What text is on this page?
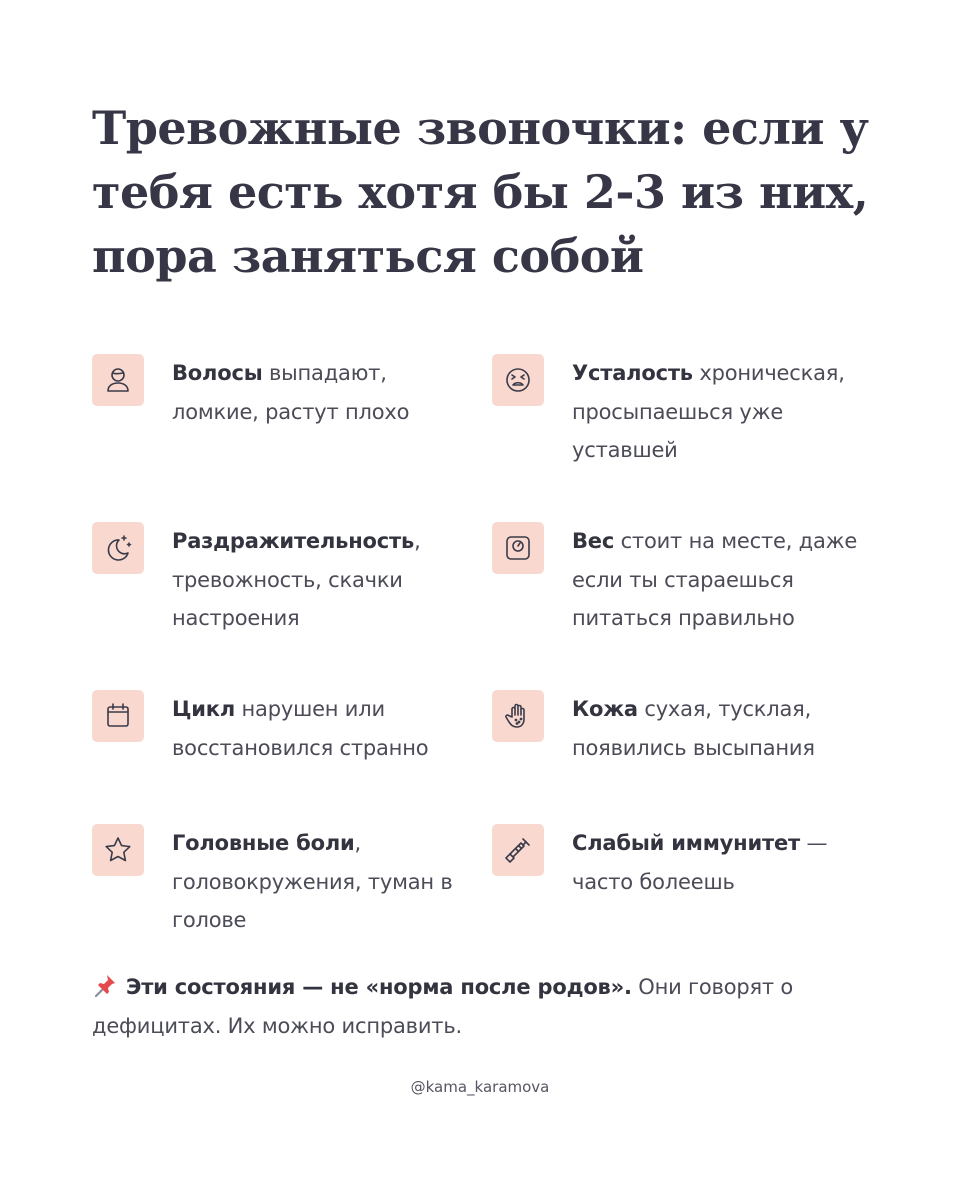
Тревожные звоночки: если у тебя есть хотя бы 2-3 из них, пора заняться собой

Волосы выпадают, ломкие, растут плохо

Усталость хроническая, просыпаешься уже уставшей

Раздражительность, тревожность, скачки настроения

Вес стоит на месте, даже если ты стараешься питаться правильно

Цикл нарушен или восстановился странно

Кожа сухая, тусклая, появились высыпания

Головные боли, головокружения, туман в голове

Слабый иммунитет — часто болеешь

Эти состояния — не «норма после родов». Они говорят о дефицитах. Их можно исправить.

@kama_karamova
